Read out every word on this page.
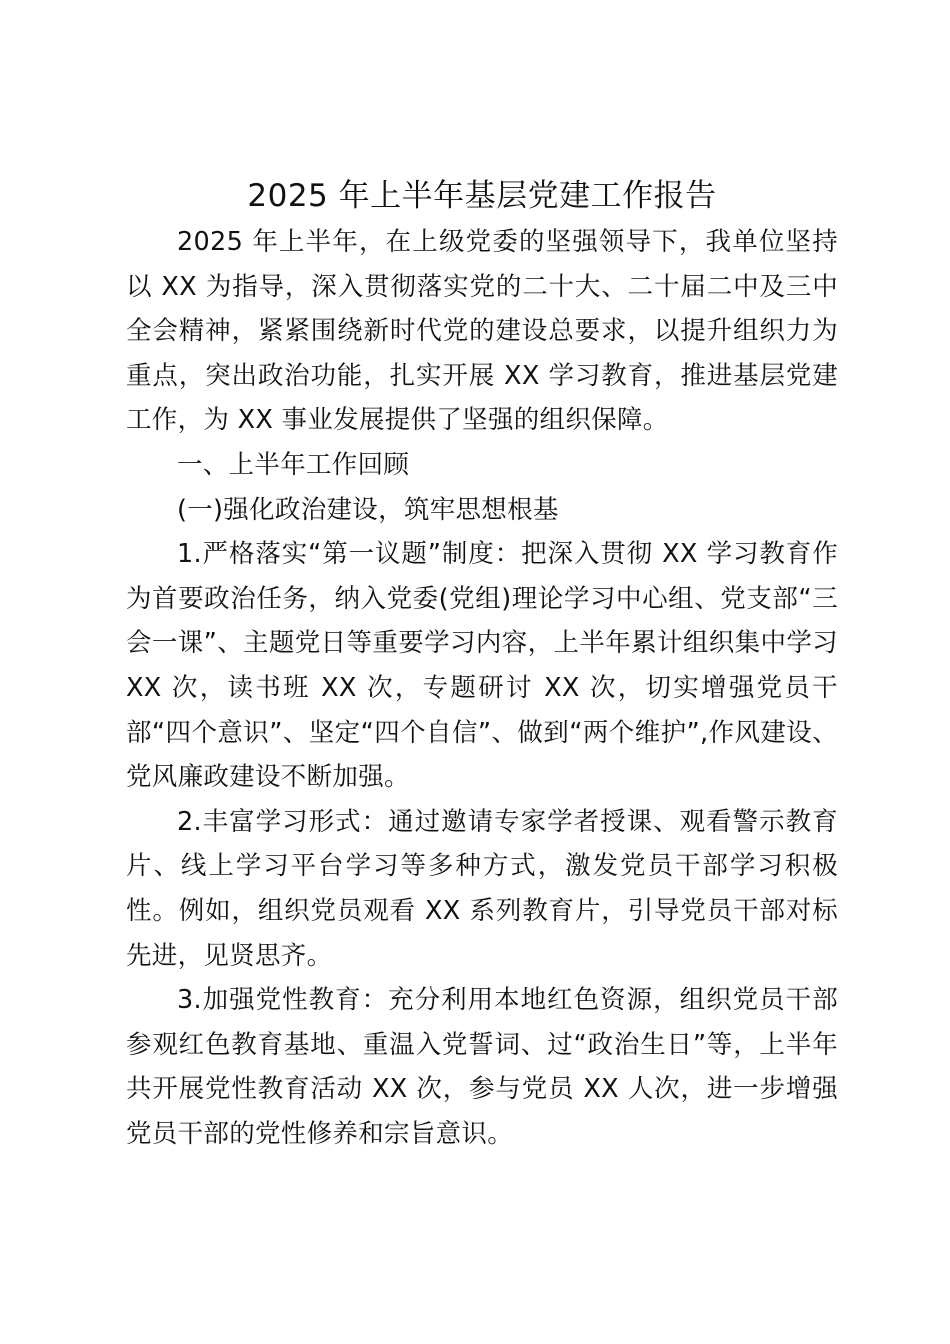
2025 年上半年基层党建工作报告

2025 年上半年，在上级党委的坚强领导下，我单位坚持以 XX 为指导，深入贯彻落实党的二十大、二十届二中及三中全会精神，紧紧围绕新时代党的建设总要求，以提升组织力为重点，突出政治功能，扎实开展 XX 学习教育，推进基层党建工作，为 XX 事业发展提供了坚强的组织保障。

一、上半年工作回顾

(一)强化政治建设，筑牢思想根基

1.严格落实“第一议题”制度：把深入贯彻 XX 学习教育作为首要政治任务，纳入党委(党组)理论学习中心组、党支部“三会一课”、主题党日等重要学习内容，上半年累计组织集中学习 XX 次，读书班 XX 次，专题研讨 XX 次，切实增强党员干部“四个意识”、坚定“四个自信”、做到“两个维护”,作风建设、党风廉政建设不断加强。

2.丰富学习形式：通过邀请专家学者授课、观看警示教育片、线上学习平台学习等多种方式，激发党员干部学习积极性。例如，组织党员观看 XX 系列教育片，引导党员干部对标先进，见贤思齐。

3.加强党性教育：充分利用本地红色资源，组织党员干部参观红色教育基地、重温入党誓词、过“政治生日”等，上半年共开展党性教育活动 XX 次，参与党员 XX 人次，进一步增强党员干部的党性修养和宗旨意识。
